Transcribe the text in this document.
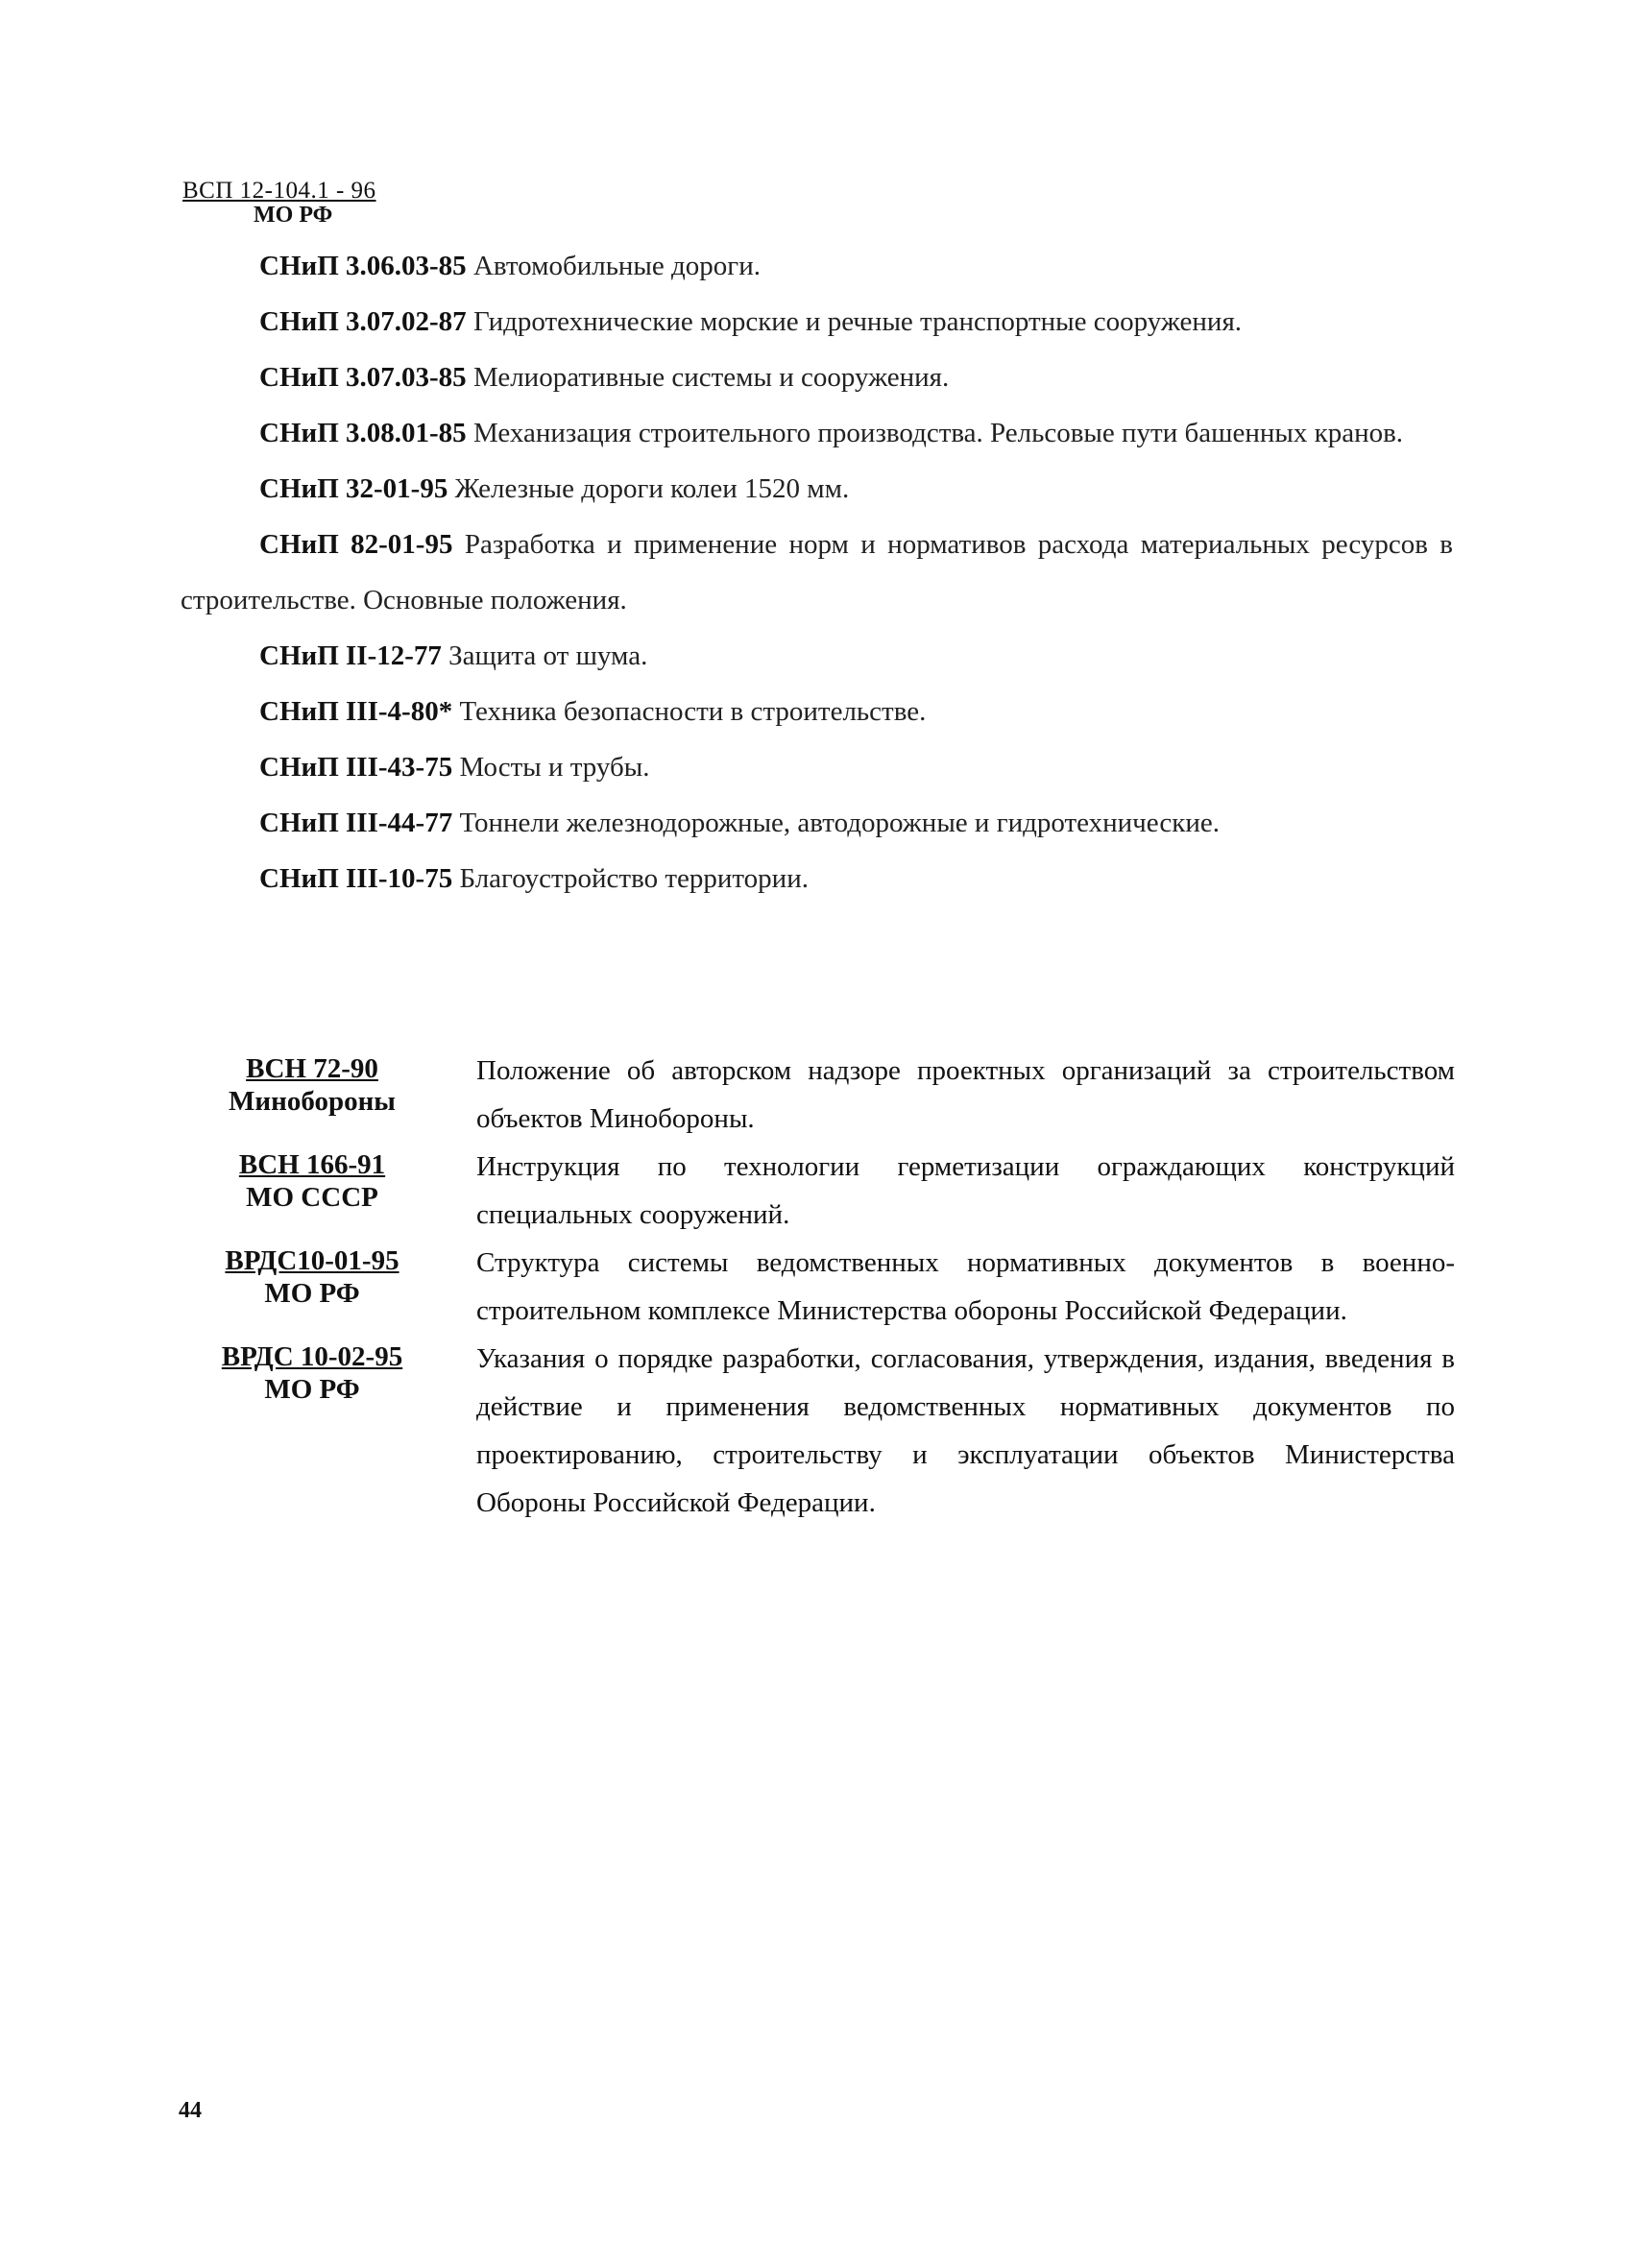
ВСП 12-104.1 - 96
МО РФ

СНиП 3.06.03-85 Автомобильные дороги.

СНиП 3.07.02-87 Гидротехнические морские и речные транспортные сооружения.

СНиП 3.07.03-85 Мелиоративные системы и сооружения.

СНиП 3.08.01-85 Механизация строительного производства. Рельсовые пути башенных кранов.

СНиП 32-01-95 Железные дороги колеи 1520 мм.

СНиП 82-01-95 Разработка и применение норм и нормативов расхода материальных ресурсов в строительстве. Основные положения.

СНиП II-12-77 Защита от шума.

СНиП III-4-80* Техника безопасности в строительстве.

СНиП III-43-75 Мосты и трубы.

СНиП III-44-77 Тоннели железнодорожные, автодорожные и гидротехнические.

СНиП III-10-75 Благоустройство территории.

ВСН 72-90
Минобороны	Положение об авторском надзоре проектных организаций за строительством объектов Минобороны.

ВСН 166-91
МО СССР	Инструкция по технологии герметизации ограждающих конструкций специальных сооружений.

ВРДС10-01-95
МО РФ	Структура системы ведомственных нормативных документов в военно-строительном комплексе Министерства обороны Российской Федерации.

ВРДС 10-02-95
МО РФ	Указания о порядке разработки, согласования, утверждения, издания, введения в действие и применения ведомственных нормативных документов по проектированию, строительству и эксплуатации объектов Министерства Обороны Российской Федерации.
44
